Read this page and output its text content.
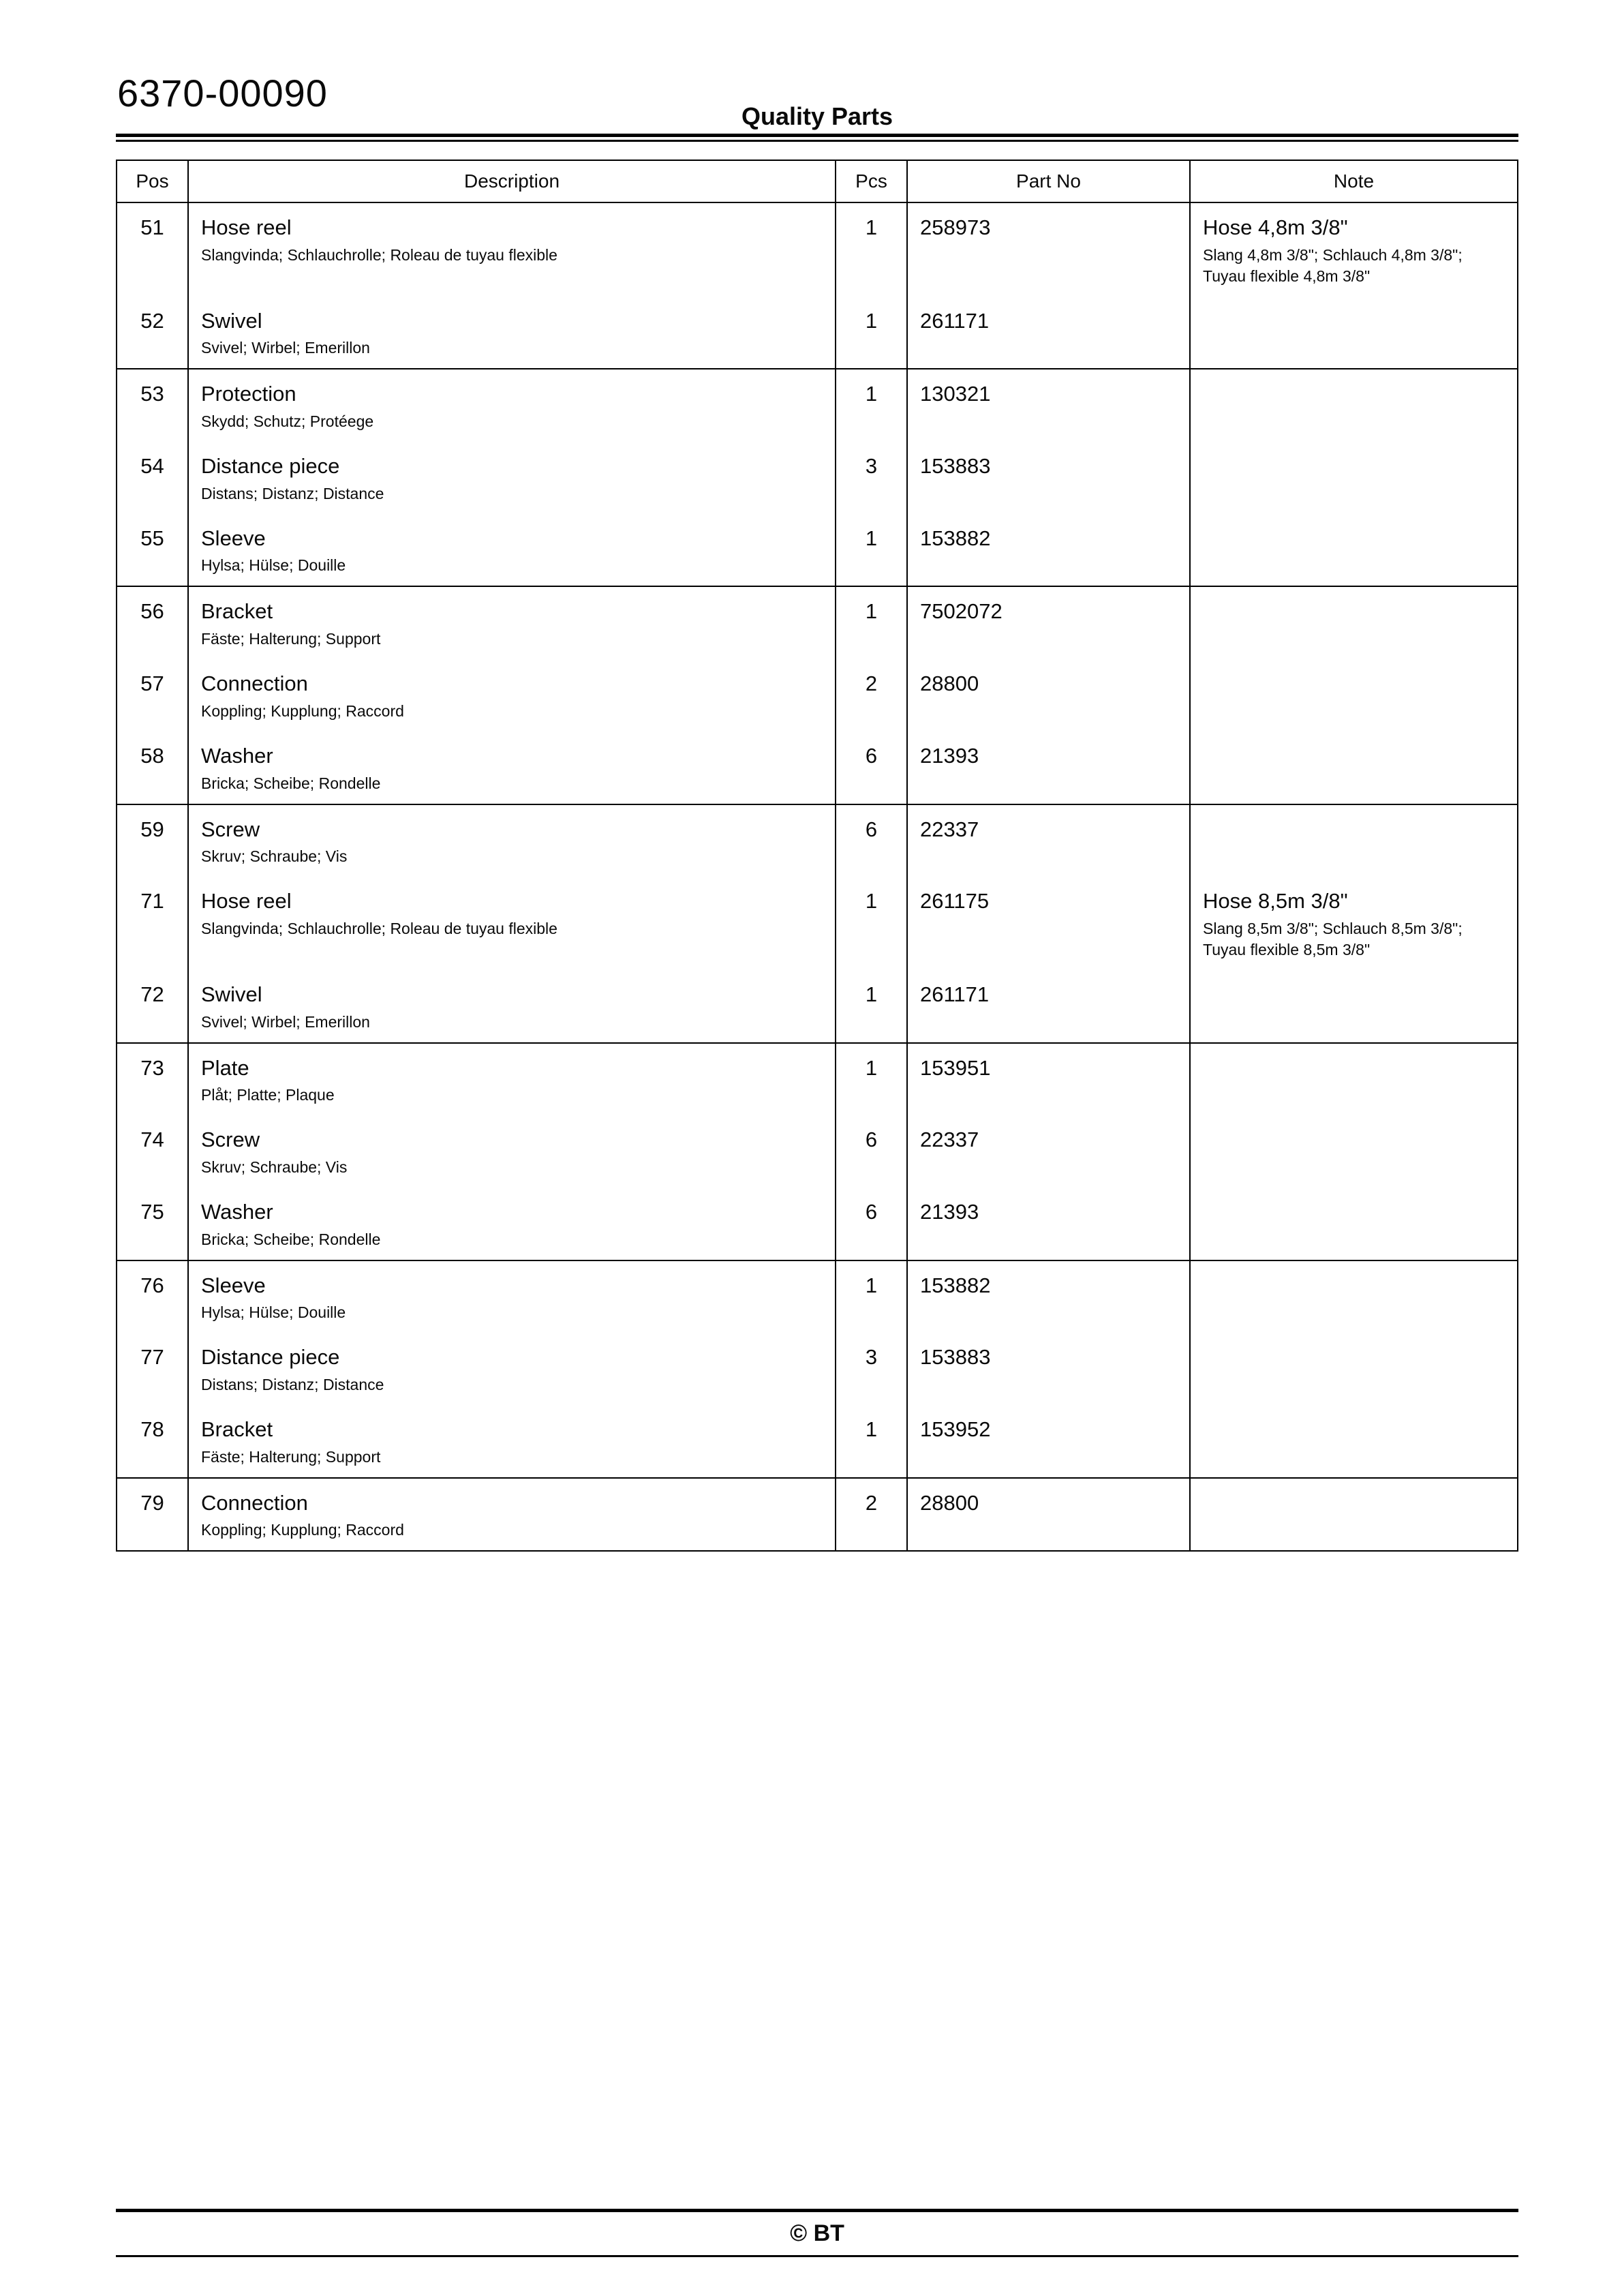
6370-00090
Quality Parts
Pos	Description	Pcs	Part No	Note
51	Hose reel
Slangvinda; Schlauchrolle; Roleau de tuyau flexible
	1	258973	Hose 4,8m 3/8"
Slang 4,8m 3/8"; Schlauch 4,8m 3/8"; Tuyau flexible 4,8m 3/8"

52	Swivel
Svivel; Wirbel; Emerillon	1	261171	

53	Protection
Skydd; Schutz; Protéege	1	130321	

54	Distance piece
Distans; Distanz; Distance	3	153883	

55	Sleeve
Hylsa; Hülse; Douille	1	153882	

56	Bracket
Fäste; Halterung; Support	1	7502072	

57	Connection
Koppling; Kupplung; Raccord	2	28800	

58	Washer
Bricka; Scheibe; Rondelle	6	21393	

59	Screw
Skruv; Schraube; Vis	6	22337	

71	Hose reel
Slangvinda; Schlauchrolle; Roleau de tuyau flexible
	1	261175	Hose 8,5m 3/8"
Slang 8,5m 3/8"; Schlauch 8,5m 3/8"; Tuyau flexible 8,5m 3/8"

72	Swivel
Svivel; Wirbel; Emerillon	1	261171	

73	Plate
Plåt; Platte; Plaque	1	153951	

74	Screw
Skruv; Schraube; Vis	6	22337	

75	Washer
Bricka; Scheibe; Rondelle	6	21393	

76	Sleeve
Hylsa; Hülse; Douille	1	153882	

77	Distance piece
Distans; Distanz; Distance	3	153883	

78	Bracket
Fäste; Halterung; Support	1	153952	

79	Connection
Koppling; Kupplung; Raccord	2	28800	
© BT
